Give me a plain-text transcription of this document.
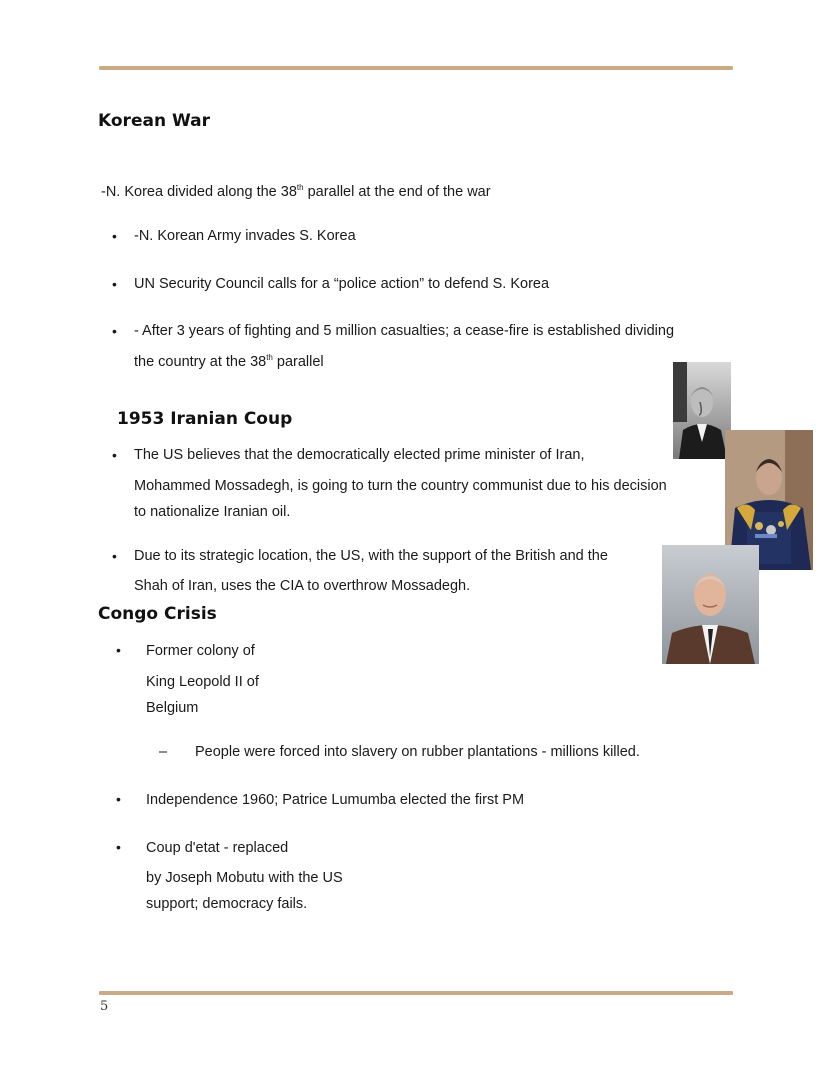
Korean War

-N. Korea divided along the 38th parallel at the end of the war

• -N. Korean Army invades S. Korea

• UN Security Council calls for a “police action” to defend S. Korea

• - After 3 years of fighting and 5 million casualties; a cease-fire is established dividing

the country at the 38th parallel

1953 Iranian Coup
• The US believes that the democratically elected prime minister of Iran,

Mohammed Mossadegh, is going to turn the country communist due to his decision

to nationalize Iranian oil.

• Due to its strategic location, the US, with the support of the British and the

Shah of Iran, uses the CIA to overthrow Mossadegh.

Congo Crisis
• Former colony of

King Leopold II of

Belgium

– People were forced into slavery on rubber plantations - millions killed.

• Independence 1960; Patrice Lumumba elected the first PM

• Coup d'etat - replaced

by Joseph Mobutu with the US

support; democracy fails.

5
